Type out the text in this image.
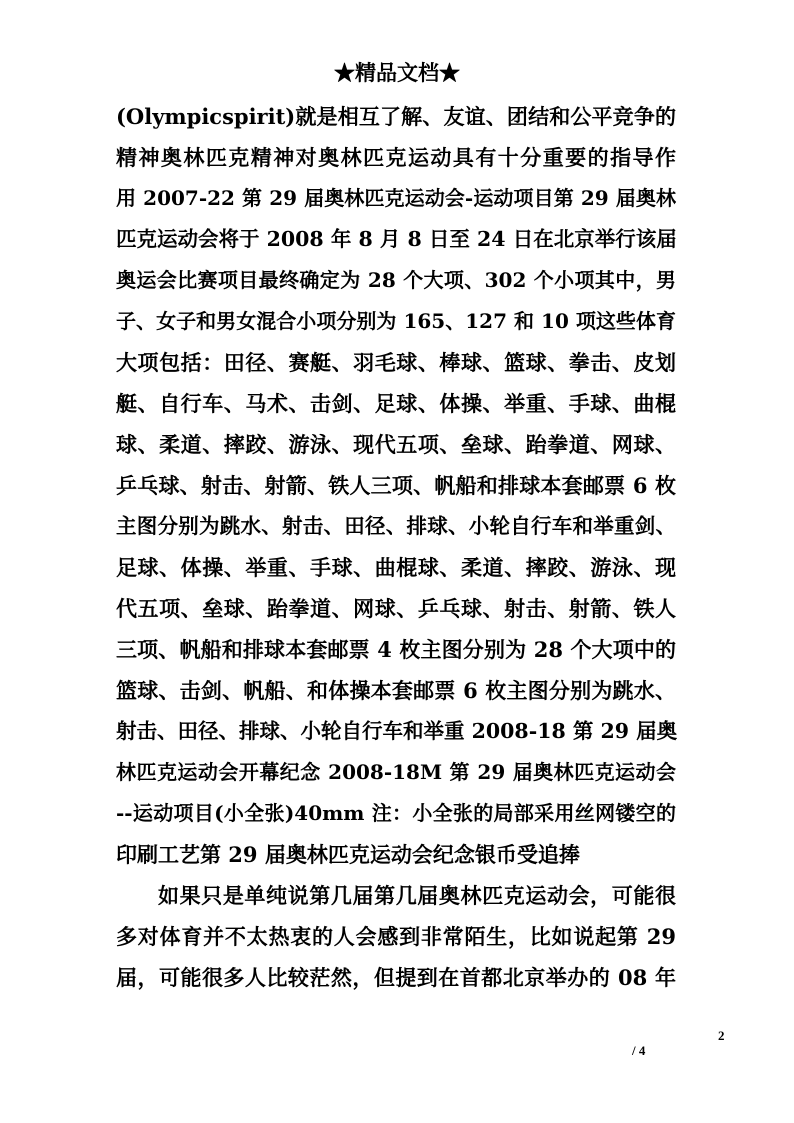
★精品文档★
(Olympicspirit)就是相互了解、友谊、团结和公平竞争的
精神奥林匹克精神对奥林匹克运动具有十分重要的指导作
用 2007-22 第 29 届奥林匹克运动会-运动项目第 29 届奥林
匹克运动会将于 2008 年 8 月 8 日至 24 日在北京举行该届
奥运会比赛项目最终确定为 28 个大项、302 个小项其中，男
子、女子和男女混合小项分别为 165、127 和 10 项这些体育
大项包括：田径、赛艇、羽毛球、棒球、篮球、拳击、皮划
艇、自行车、马术、击剑、足球、体操、举重、手球、曲棍
球、柔道、摔跤、游泳、现代五项、垒球、跆拳道、网球、
乒乓球、射击、射箭、铁人三项、帆船和排球本套邮票 6 枚
主图分别为跳水、射击、田径、排球、小轮自行车和举重剑、
足球、体操、举重、手球、曲棍球、柔道、摔跤、游泳、现
代五项、垒球、跆拳道、网球、乒乓球、射击、射箭、铁人
三项、帆船和排球本套邮票 4 枚主图分别为 28 个大项中的
篮球、击剑、帆船、和体操本套邮票 6 枚主图分别为跳水、
射击、田径、排球、小轮自行车和举重 2008-18 第 29 届奥
林匹克运动会开幕纪念 2008-18M 第 29 届奥林匹克运动会
--运动项目(小全张)40mm 注：小全张的局部采用丝网镂空的
印刷工艺第 29 届奥林匹克运动会纪念银币受追捧
如果只是单纯说第几届第几届奥林匹克运动会，可能很
多对体育并不太热衷的人会感到非常陌生，比如说起第 29
届，可能很多人比较茫然，但提到在首都北京举办的 08 年
2
/ 4
